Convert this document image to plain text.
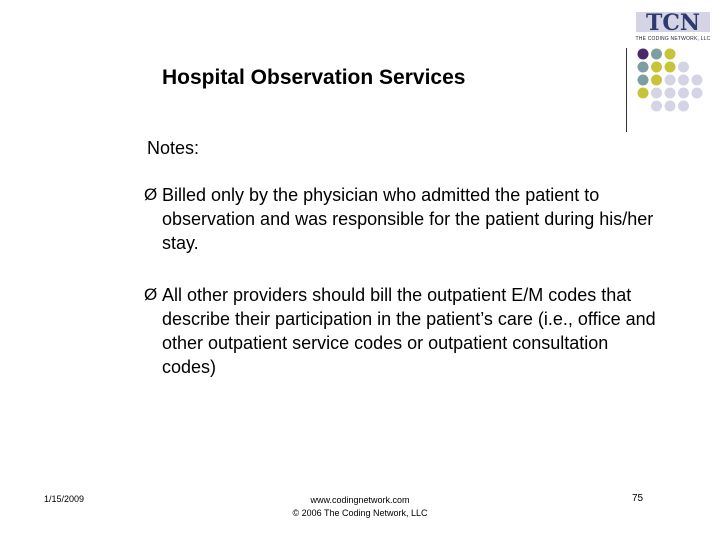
Hospital Observation Services
TCN
THE CODING NETWORK, LLC
Notes:
Ø Billed only by the physician who admitted the patient to observation and was responsible for the patient during his/her stay.
Ø All other providers should bill the outpatient E/M codes that describe their participation in the patient’s care (i.e., office and other outpatient service codes or outpatient consultation codes)
1/15/2009	www.codingnetwork.com
© 2006 The Coding Network, LLC
75
